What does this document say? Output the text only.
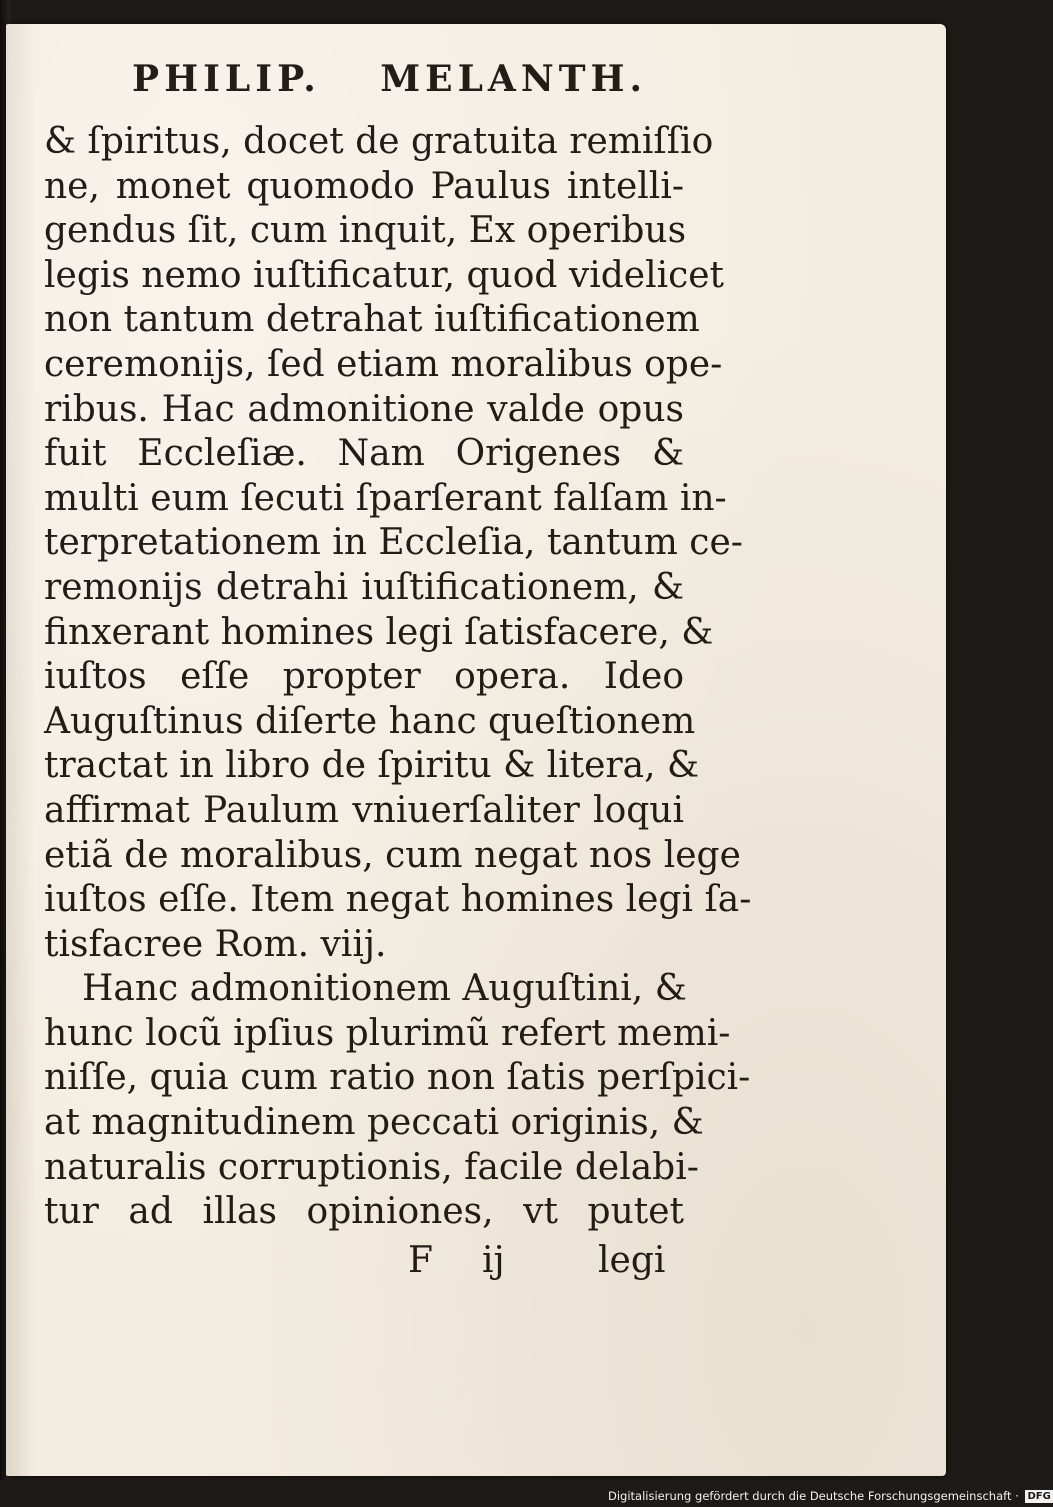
PHILIP. MELANTH.
& ſpiritus, docet de gratuita remiſſio
ne, monet quomodo Paulus intelli-
gendus ſit, cum inquit, Ex operibus
legis nemo iuſtificatur, quod videlicet
non tantum detrahat iuſtificationem
ceremonijs, ſed etiam moralibus ope-
ribus. Hac admonitione valde opus
fuit Eccleſiæ. Nam Origenes &
multi eum ſecuti ſparſerant falſam in-
terpretationem in Eccleſia, tantum ce-
remonijs detrahi iuſtificationem, &
finxerant homines legi ſatisfacere, &
iuſtos eſſe propter opera. Ideo
Auguſtinus diſerte hanc queſtionem
tractat in libro de ſpiritu & litera, &
affirmat Paulum vniuerſaliter loqui
etiã de moralibus, cum negat nos lege
iuſtos eſſe. Item negat homines legi ſa-
tisfacree Rom. viij.
Hanc admonitionem Auguſtini, &
hunc locũ ipſius plurimũ refert memi-
niſſe, quia cum ratio non ſatis perſpici-
at magnitudinem peccati originis, &
naturalis corruptionis, facile delabi-
tur ad illas opiniones, vt putet
F ij	legi
Digitalisierung gefördert durch die Deutsche Forschungsgemeinschaft · DFG
